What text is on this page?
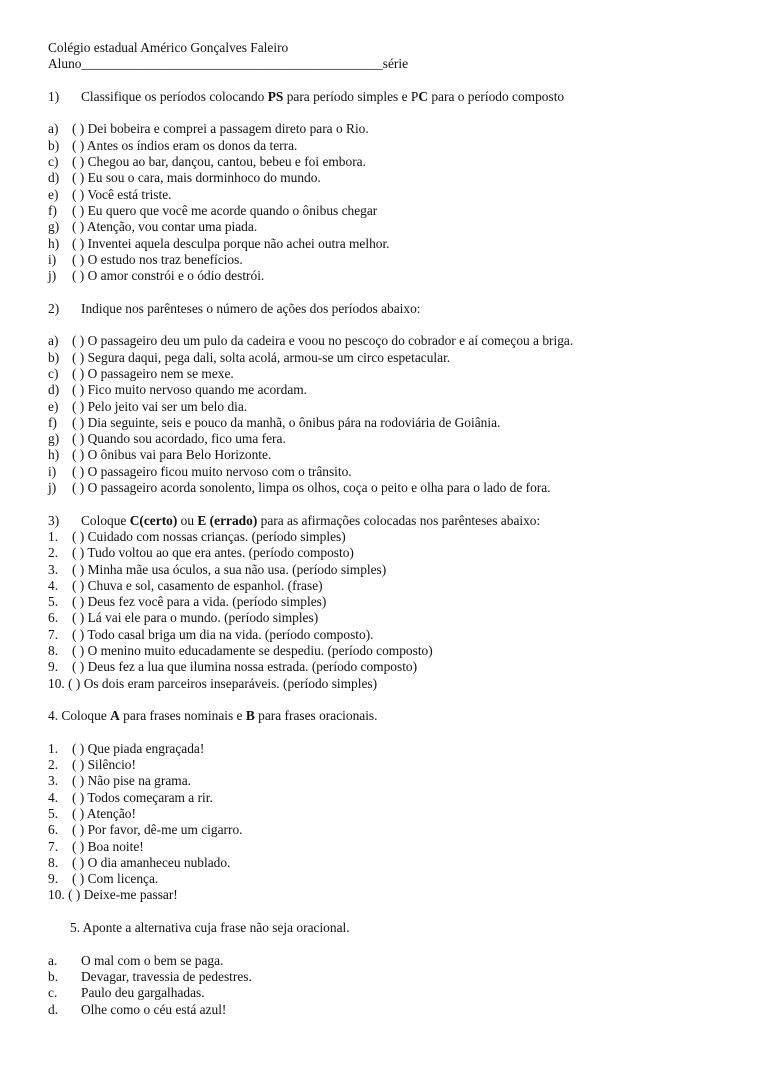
Colégio estadual Américo Gonçalves Faleiro
Aluno_____________________________________________série
1) Classifique os períodos colocando PS para período simples e PC para o período composto
a) ( ) Dei bobeira e comprei a passagem direto para o Rio.
b) ( ) Antes os índios eram os donos da terra.
c) ( ) Chegou ao bar, dançou, cantou, bebeu e foi embora.
d) ( ) Eu sou o cara, mais dorminhoco do mundo.
e) ( ) Você está triste.
f) ( ) Eu quero que você me acorde quando o ônibus chegar
g) ( ) Atenção, vou contar uma piada.
h) ( ) Inventei aquela desculpa porque não achei outra melhor.
i) ( ) O estudo nos traz benefícios.
j) ( ) O amor constrói e o ódio destrói.
2) Indique nos parênteses o número de ações dos períodos abaixo:
a) ( ) O passageiro deu um pulo da cadeira e voou no pescoço do cobrador e aí começou a briga.
b) ( ) Segura daqui, pega dali, solta acolá, armou-se um circo espetacular.
c) ( ) O passageiro nem se mexe.
d) ( ) Fico muito nervoso quando me acordam.
e) ( ) Pelo jeito vai ser um belo dia.
f) ( ) Dia seguinte, seis e pouco da manhã, o ônibus pára na rodoviária de Goiânia.
g) ( ) Quando sou acordado, fico uma fera.
h) ( ) O ônibus vai para Belo Horizonte.
i) ( ) O passageiro ficou muito nervoso com o trânsito.
j) ( ) O passageiro acorda sonolento, limpa os olhos, coça o peito e olha para o lado de fora.
3) Coloque C(certo) ou E (errado) para as afirmações colocadas nos parênteses abaixo:
1. ( ) Cuidado com nossas crianças. (período simples)
2. ( ) Tudo voltou ao que era antes. (período composto)
3. ( ) Minha mãe usa óculos, a sua não usa. (período simples)
4. ( ) Chuva e sol, casamento de espanhol. (frase)
5. ( ) Deus fez você para a vida. (período simples)
6. ( ) Lá vai ele para o mundo. (período simples)
7. ( ) Todo casal briga um dia na vida. (período composto).
8. ( ) O menino muito educadamente se despediu. (período composto)
9. ( ) Deus fez a lua que ilumina nossa estrada. (período composto)
10. ( ) Os dois eram parceiros inseparáveis. (período simples)
4. Coloque A para frases nominais e B para frases oracionais.
1. ( ) Que piada engraçada!
2. ( ) Silêncio!
3. ( ) Não pise na grama.
4. ( ) Todos começaram a rir.
5. ( ) Atenção!
6. ( ) Por favor, dê-me um cigarro.
7. ( ) Boa noite!
8. ( ) O dia amanheceu nublado.
9. ( ) Com licença.
10. ( ) Deixe-me passar!
5. Aponte a alternativa cuja frase não seja oracional.
a. O mal com o bem se paga.
b. Devagar, travessia de pedestres.
c. Paulo deu gargalhadas.
d. Olhe como o céu está azul!
